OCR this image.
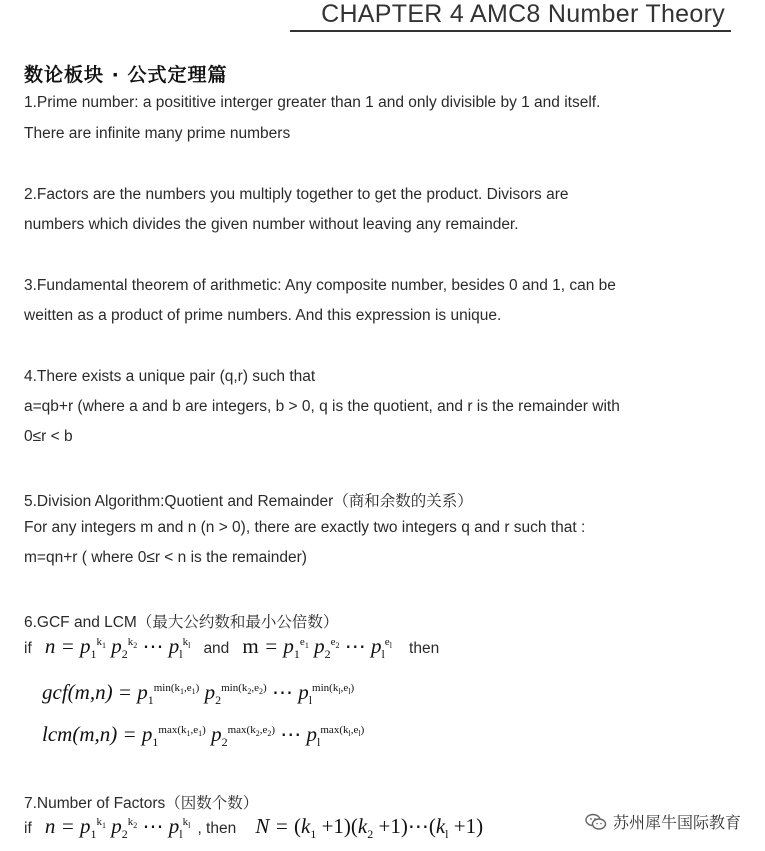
CHAPTER 4 AMC8 Number Theory
数论板块 · 公式定理篇
1.Prime number: a posititive interger greater than 1 and only divisible by 1 and itself.
There are infinite many prime numbers
2.Factors are the numbers you multiply together to get the product. Divisors are
numbers which divides the given number without leaving any remainder.
3.Fundamental theorem of arithmetic: Any composite number, besides 0 and 1, can be
weitten as a product of prime numbers. And this expression is unique.
4.There exists a unique pair (q,r) such that
a=qb+r (where a and b are integers, b > 0, q is the quotient, and r is the remainder with
0≤r < b
5.Division Algorithm:Quotient and Remainder（商和余数的关系）
For any integers m and n (n > 0), there are exactly two integers q and r such that :
m=qn+r ( where 0≤r < n is the remainder)
6.GCF and LCM（最大公约数和最小公倍数）
if $n = p_1^{k_1}$ $p_2^{k_2}$ ⋯ $p_l^{k_l}$ and $m = p_1^{e_1}$ $p_2^{e_2}$ ⋯ $p_l^{e_l}$ then
$gcf(m,n) = p_1^{min(k_1,e_1)}$ $p_2^{min(k_2,e_2)}$ ⋯ $p_l^{min(k_l,e_l)}$
$lcm(m,n) = p_1^{max(k_1,e_1)}$ $p_2^{max(k_2,e_2)}$ ⋯ $p_l^{max(k_l,e_l)}$
7.Number of Factors（因数个数）
if $n = p_1^{k_1}$ $p_2^{k_2}$ ⋯ $p_l^{k_l}$ , then $N = (k_1 +1)(k_2$ $+1)\cdots(k_l +1)$	苏州犀牛国际教育
